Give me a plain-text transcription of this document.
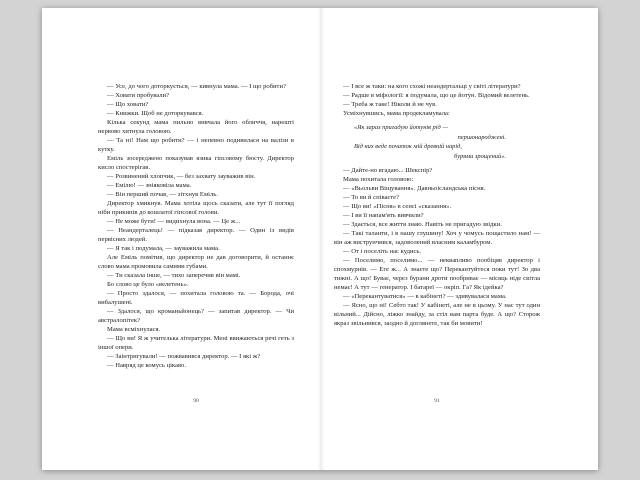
— Усе, до чого доторкується, — кивнула мама. — І що робити?

— Ховати пробували?

— Що ховати?

— Книжки. Щоб не доторкувався.

Кілька секунд мама пильно вивчала його обличчя, нарешті нервово хитнула головою.

— Та ні! Нам що робити? — і непевно подивилася на валізи в кутку.

Еміль зосереджено показував язика гіпсовому бюсту. Директор кисло спостерігав.

— Розвинений хлопчик, — без захвату зауважив він.

— Емілю! — зніяковіла мама.

— Він перший почав, — зітхнув Еміль.

Директор хмикнув. Мама хотіла щось сказати, але тут її погляд ніби прикипів до кошлатої гіпсової голови.

— Не може бути! — видихнула вона. — Це ж...

— Неандерталець! — підказав директор. — Один із видів первісних людей.

— Я так і подумала, — зауважила мама.

Але Еміль помітив, що директор не дав договорити, й останнє слово мама промовила самими губами.

— Ти сказала інше, — тихо заперечив він мамі.

Бо слово це було «велетень».

— Просто здалося, — похитала головою та. — Борода, очі вибалушені.

— Здалося, що кроманьйонець? — запитав директор. — Чи австралопітек?

Мама всміхнулася.

— Що ви! Я ж учителька літератури. Мені ввижаються речі геть з іншої опери.

— Заінтригували! — пожвавився директор. — І які ж?

— Навряд це комусь цікаво.

90

— І все ж таки: на кого схожі неандертальці у світі літератури?

— Радше в міфології: я подумала, що це йотун. Відомий велетень.

— Треба ж таке! Ніколи й не чув.

Усміхнувшись, мама продекламувала:

«Як зараз пригадую йотунів рід —
першонароджені.
Від них веде початок мій древній нарід,
бурями зрощений».

— Дайте-но вгадаю... Шекспір?

Мама похитала головою:

— «Вьольви Віщування». Давньоісландська пісня.

— То ви й співаєте?

— Що ви! «Пісня» в сенсі «сказання».

— І ви її напам'ять вивчили?

— Здається, все життя знаю. Навіть не пригадую звідки.

— Такі таланти, і в нашу глушину! Хоч у чомусь пощастило нам! — він аж виструнчився, задоволений власним каламбуром.

— От і поселіть нас кудись.

— Поселимо, поселимо... — неквапливо пообіцяв директор і спохмурнів. — Еге ж... А знаєте що? Перекантуйтеся поки тут! Зо два тижні. А що! Буває, через бурани дроти пообриває — місяць ніде світла немає! А тут — генератор. І батареї — окріп. Га? Як ідейка?

— «Перекантуватися» — в кабінеті? — здивувалася мама.

— Ясно, що ні! Себто так! У кабінеті, але не в цьому. У нас тут один вільний... Дійсно, ліжко знайду, за стіл вам парта буде. А що? Сторож якраз звільнився, заодно й доглянете, так би мовити!

91
